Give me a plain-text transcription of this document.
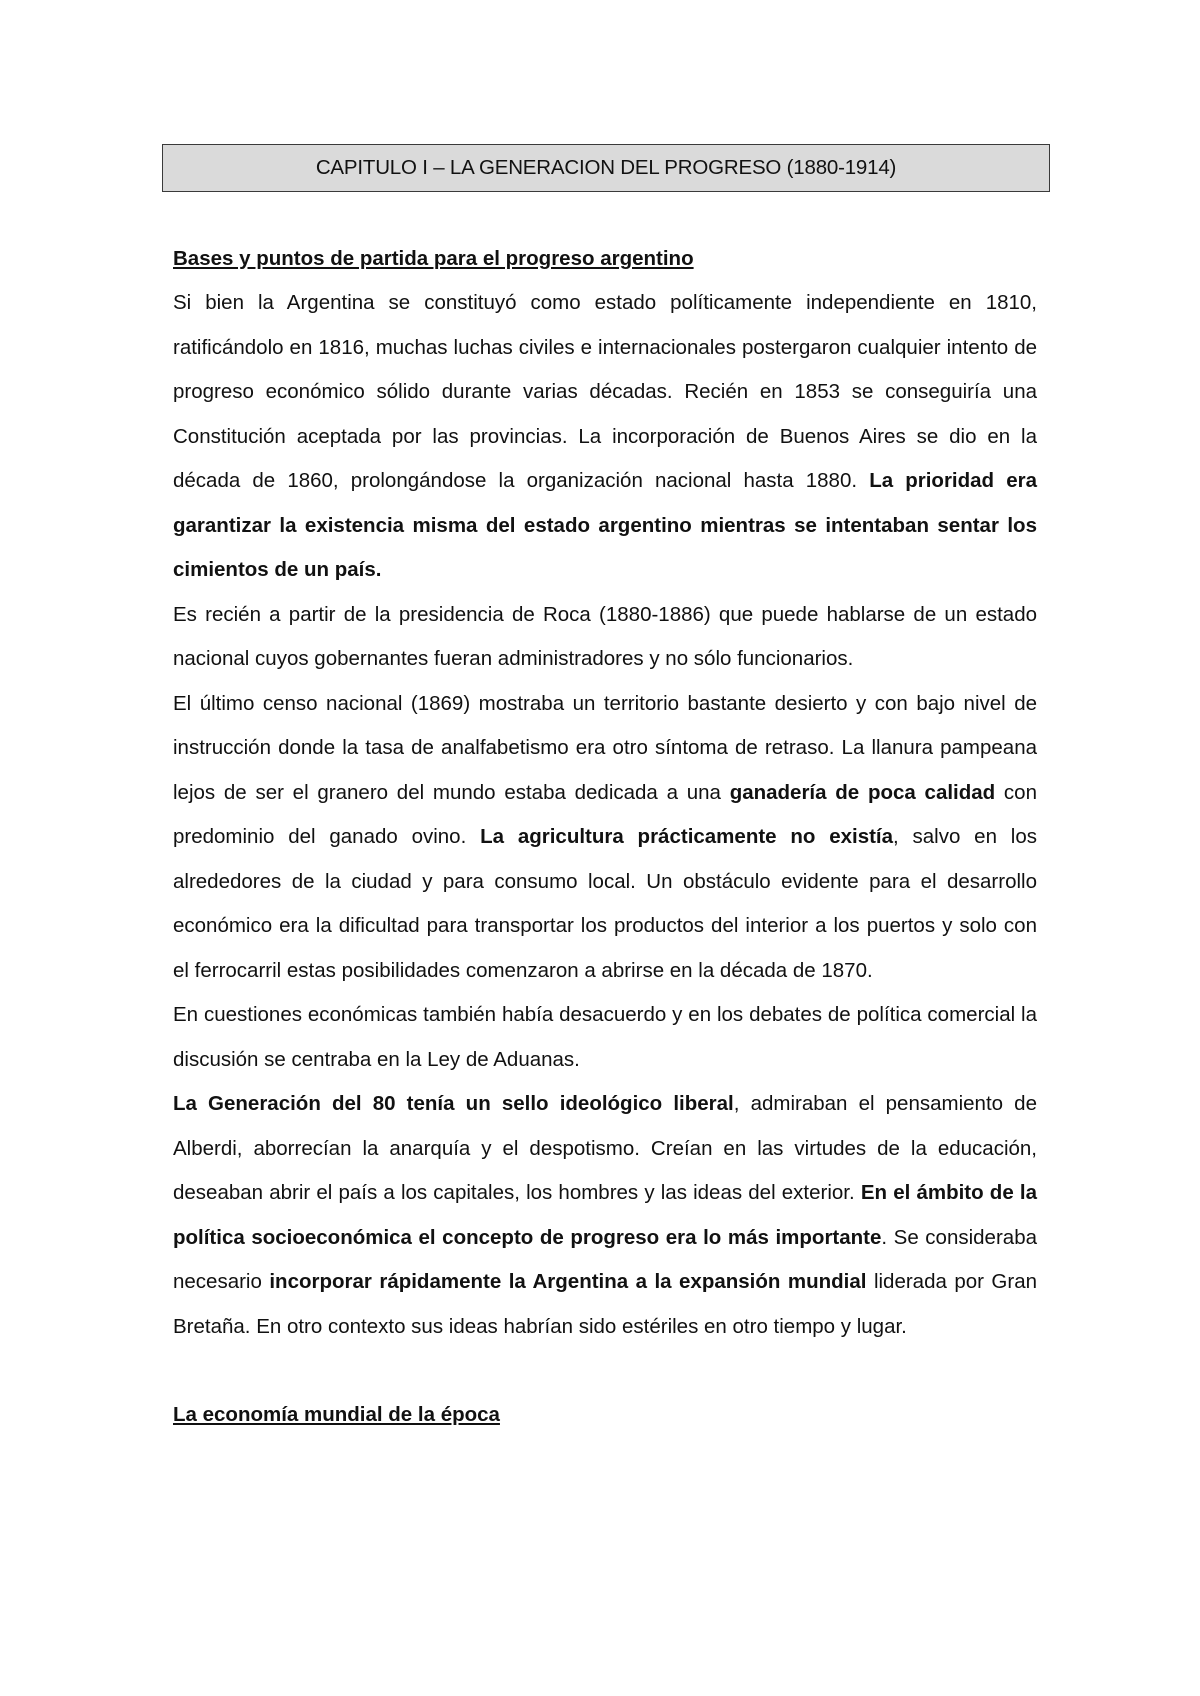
CAPITULO I – LA GENERACION DEL PROGRESO (1880-1914)
Bases y puntos de partida para el progreso argentino

Si bien la Argentina se constituyó como estado políticamente independiente en 1810, ratificándolo en 1816, muchas luchas civiles e internacionales postergaron cualquier intento de progreso económico sólido durante varias décadas. Recién en 1853 se conseguiría una Constitución aceptada por las provincias. La incorporación de Buenos Aires se dio en la década de 1860, prolongándose la organización nacional hasta 1880. La prioridad era garantizar la existencia misma del estado argentino mientras se intentaban sentar los cimientos de un país.

Es recién a partir de la presidencia de Roca (1880-1886) que puede hablarse de un estado nacional cuyos gobernantes fueran administradores y no sólo funcionarios.

El último censo nacional (1869) mostraba un territorio bastante desierto y con bajo nivel de instrucción donde la tasa de analfabetismo era otro síntoma de retraso. La llanura pampeana lejos de ser el granero del mundo estaba dedicada a una ganadería de poca calidad con predominio del ganado ovino. La agricultura prácticamente no existía, salvo en los alrededores de la ciudad y para consumo local. Un obstáculo evidente para el desarrollo económico era la dificultad para transportar los productos del interior a los puertos y solo con el ferrocarril estas posibilidades comenzaron a abrirse en la década de 1870.

En cuestiones económicas también había desacuerdo y en los debates de política comercial la discusión se centraba en la Ley de Aduanas.

La Generación del 80 tenía un sello ideológico liberal, admiraban el pensamiento de Alberdi, aborrecían la anarquía y el despotismo. Creían en las virtudes de la educación, deseaban abrir el país a los capitales, los hombres y las ideas del exterior. En el ámbito de la política socioeconómica el concepto de progreso era lo más importante. Se consideraba necesario incorporar rápidamente la Argentina a la expansión mundial liderada por Gran Bretaña. En otro contexto sus ideas habrían sido estériles en otro tiempo y lugar.

La economía mundial de la época
